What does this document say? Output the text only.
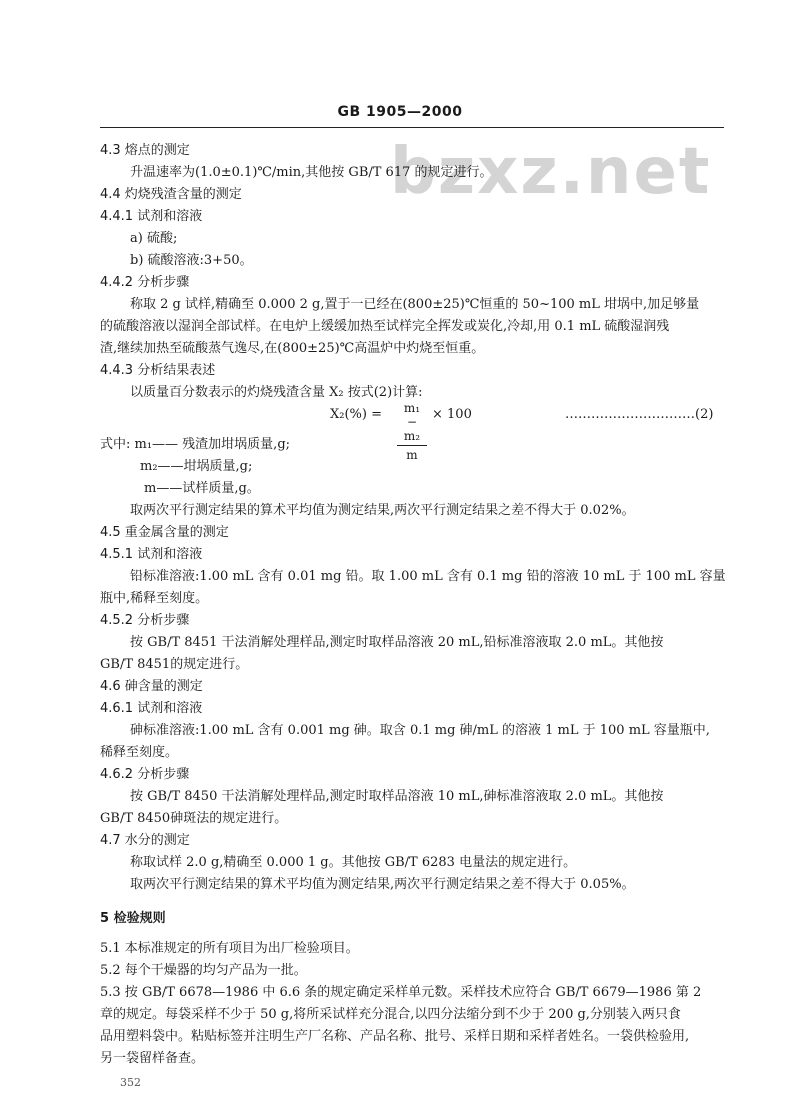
GB 1905—2000
bzxz.net
4.3 熔点的测定
升温速率为(1.0±0.1)℃/min,其他按 GB/T 617 的规定进行。
4.4 灼烧残渣含量的测定
4.4.1 试剂和溶液
a) 硫酸;
b) 硫酸溶液:3+50。
4.4.2 分析步骤
称取 2 g 试样,精确至 0.000 2 g,置于一已经在(800±25)℃恒重的 50~100 mL 坩埚中,加足够量
的硫酸溶液以湿润全部试样。在电炉上缓缓加热至试样完全挥发或炭化,冷却,用 0.1 mL 硫酸湿润残
渣,继续加热至硫酸蒸气逸尽,在(800±25)℃高温炉中灼烧至恒重。
4.4.3 分析结果表述
以质量百分数表示的灼烧残渣含量 X₂ 按式(2)计算:
X₂(%) =	m₁ − m₂
m
× 100	…………………………(2)
式中: m₁—— 残渣加坩埚质量,g;
m₂——坩埚质量,g;
m——试样质量,g。
取两次平行测定结果的算术平均值为测定结果,两次平行测定结果之差不得大于 0.02%。
4.5 重金属含量的测定
4.5.1 试剂和溶液
铅标准溶液:1.00 mL 含有 0.01 mg 铅。取 1.00 mL 含有 0.1 mg 铅的溶液 10 mL 于 100 mL 容量
瓶中,稀释至刻度。
4.5.2 分析步骤
按 GB/T 8451 干法消解处理样品,测定时取样品溶液 20 mL,铅标准溶液取 2.0 mL。其他按
GB/T 8451的规定进行。
4.6 砷含量的测定
4.6.1 试剂和溶液
砷标准溶液:1.00 mL 含有 0.001 mg 砷。取含 0.1 mg 砷/mL 的溶液 1 mL 于 100 mL 容量瓶中,
稀释至刻度。
4.6.2 分析步骤
按 GB/T 8450 干法消解处理样品,测定时取样品溶液 10 mL,砷标准溶液取 2.0 mL。其他按
GB/T 8450砷斑法的规定进行。
4.7 水分的测定
称取试样 2.0 g,精确至 0.000 1 g。其他按 GB/T 6283 电量法的规定进行。
取两次平行测定结果的算术平均值为测定结果,两次平行测定结果之差不得大于 0.05%。
5 检验规则
5.1 本标准规定的所有项目为出厂检验项目。
5.2 每个干燥器的均匀产品为一批。
5.3 按 GB/T 6678—1986 中 6.6 条的规定确定采样单元数。采样技术应符合 GB/T 6679—1986 第 2
章的规定。每袋采样不少于 50 g,将所采试样充分混合,以四分法缩分到不少于 200 g,分别装入两只食
品用塑料袋中。粘贴标签并注明生产厂名称、产品名称、批号、采样日期和采样者姓名。一袋供检验用,
另一袋留样备查。
352
